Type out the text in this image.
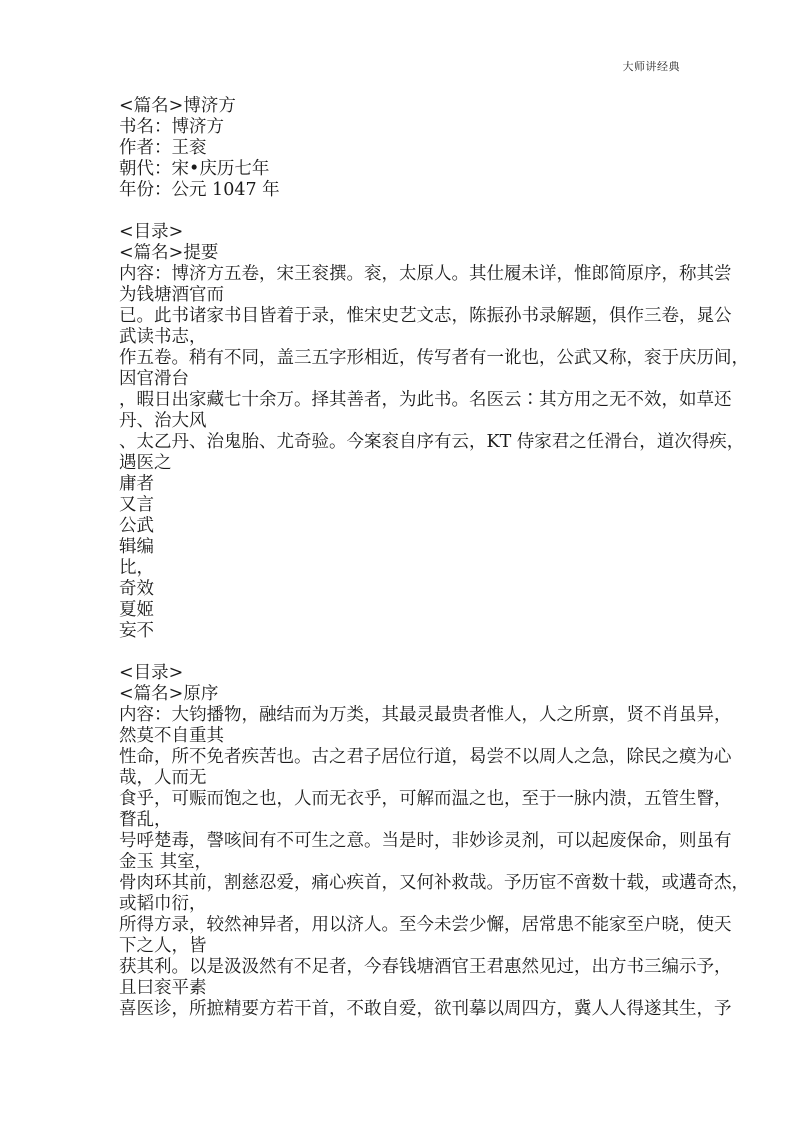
大师讲经典
<篇名>博济方
书名：博济方
作者：王衮
朝代：宋•庆历七年
年份：公元 1047 年
<目录>
<篇名>提要
内容：博济方五卷，宋王衮撰。衮，太原人。其仕履未详，惟郎简原序，称其尝
为钱塘酒官而
已。此书诸家书目皆着于录，惟宋史艺文志，陈振孙书录解题，俱作三卷，晁公
武读书志，
作五卷。稍有不同，盖三五字形相近，传写者有一讹也，公武又称，衮于庆历间，
因官滑台
，暇日出家藏七十余万。择其善者，为此书。名医云∶其方用之无不效，如草还
丹、治大风
、太乙丹、治鬼胎、尤奇验。今案衮自序有云，KT 侍家君之任滑台，道次得疾，
遇医之
庸者
又言
公武
辑编
比，
奇效
夏姬
妄不
<目录>
<篇名>原序
内容：大钧播物，融结而为万类，其最灵最贵者惟人，人之所禀，贤不肖虽异，
然莫不自重其
性命，所不免者疾苦也。古之君子居位行道，曷尝不以周人之急，除民之瘼为心
哉，人而无
食乎，可赈而饱之也，人而无衣乎，可解而温之也，至于一脉内溃，五管生瞖，
瞀乱，
号呼楚毒，謦咳间有不可生之意。当是时，非妙诊灵剂，可以起废保命，则虽有
金玉 其室，
骨肉环其前，割慈忍爱，痛心疾首，又何补救哉。予历宦不啻数十载，或遘奇杰，
或韬巾衍，
所得方录，较然神异者，用以济人。至今未尝少懈，居常患不能家至户晓，使天
下之人，皆
获其利。以是汲汲然有不足者，今春钱塘酒官王君惠然见过，出方书三编示予，
且曰衮平素
喜医诊，所摭精要方若干首，不敢自爱，欲刊摹以周四方，冀人人得遂其生，予
